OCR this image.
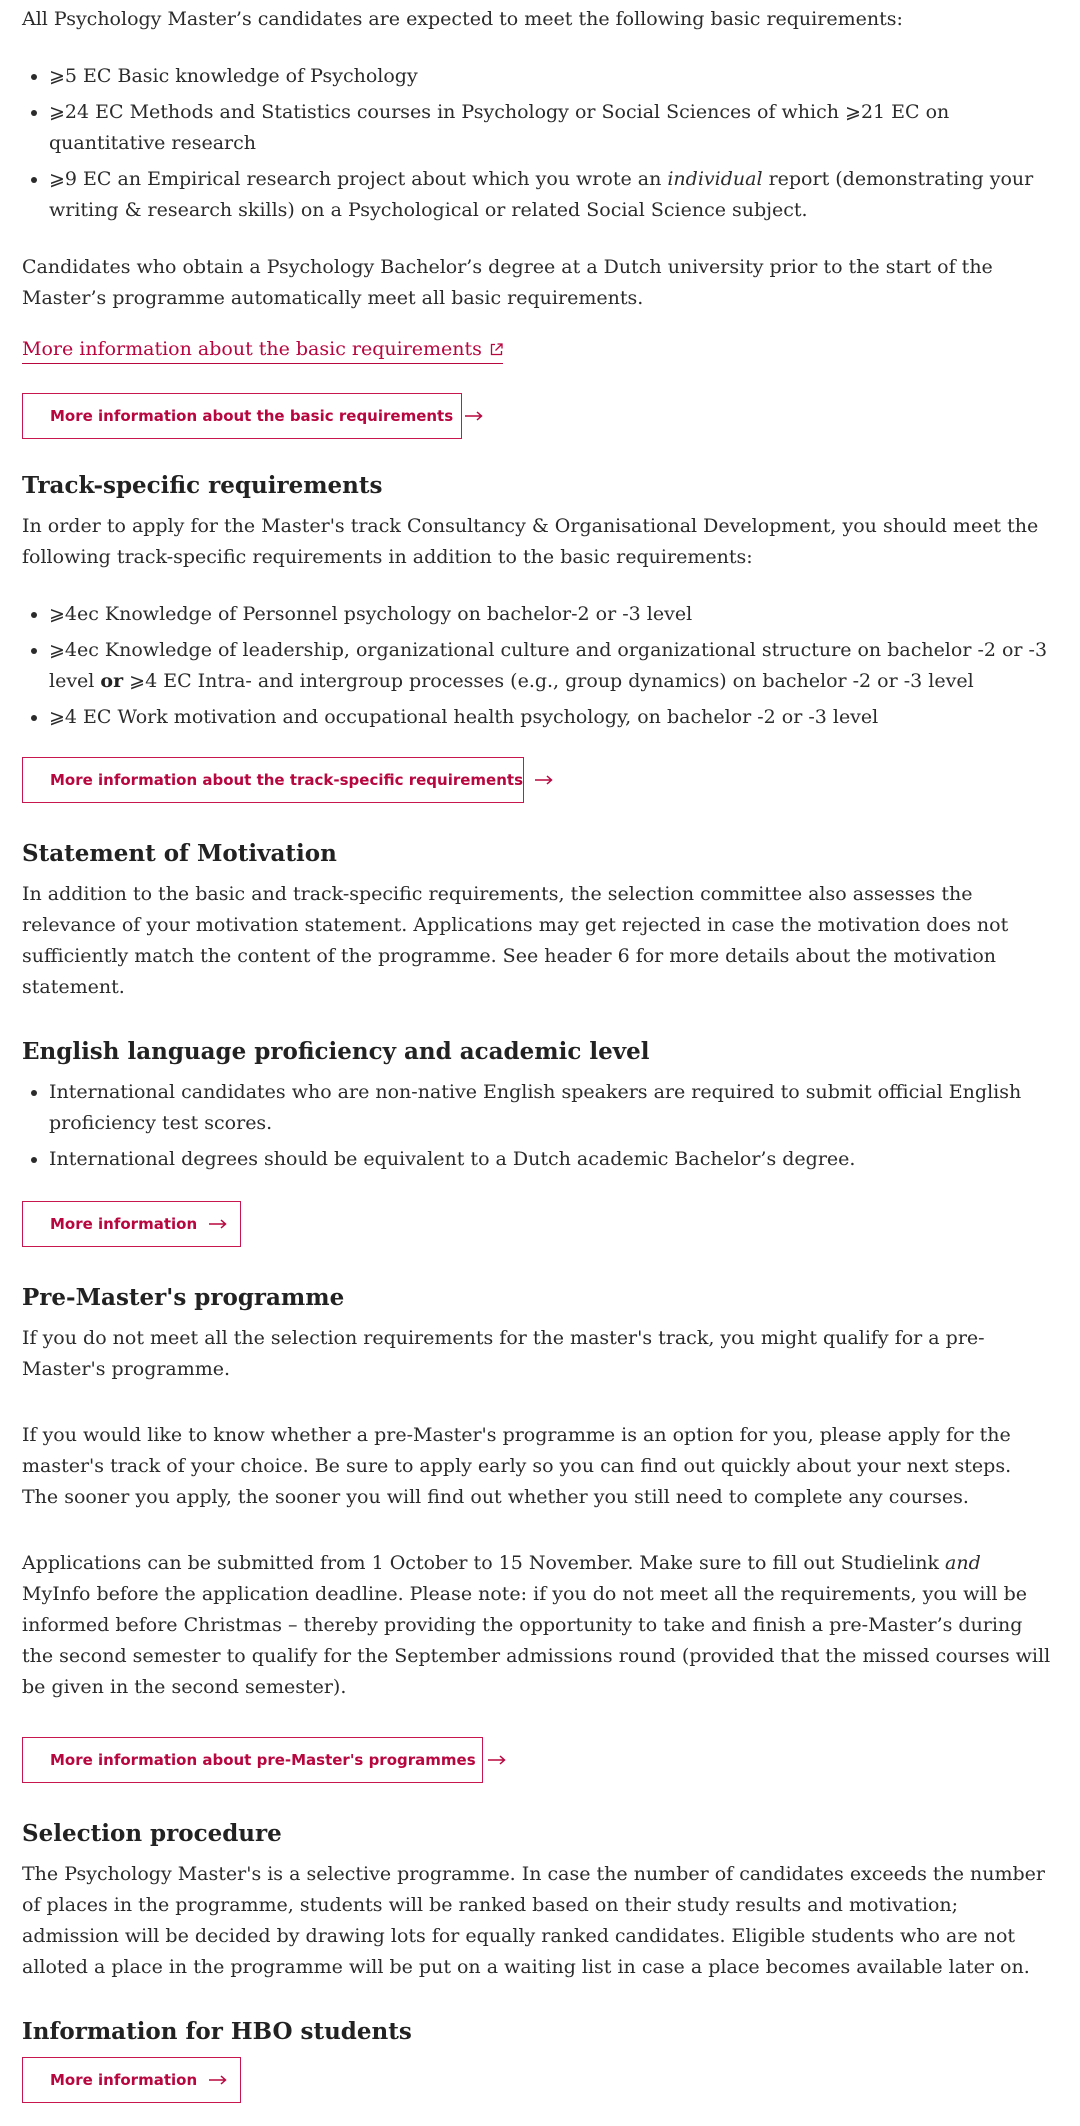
All Psychology Master’s candidates are expected to meet the following basic requirements:

• ⩾5 EC Basic knowledge of Psychology
• ⩾24 EC Methods and Statistics courses in Psychology or Social Sciences of which ⩾21 EC on quantitative research
• ⩾9 EC an Empirical research project about which you wrote an individual report (demonstrating your writing & research skills) on a Psychological or related Social Science subject.

Candidates who obtain a Psychology Bachelor’s degree at a Dutch university prior to the start of the Master’s programme automatically meet all basic requirements.

More information about the basic requirements
More information about the basic requirements
Track-specific requirements

In order to apply for the Master's track Consultancy & Organisational Development, you should meet the following track-specific requirements in addition to the basic requirements:

• ⩾4ec Knowledge of Personnel psychology on bachelor-2 or -3 level
• ⩾4ec Knowledge of leadership, organizational culture and organizational structure on bachelor -2 or -3 level or ⩾4 EC Intra- and intergroup processes (e.g., group dynamics) on bachelor -2 or -3 level
• ⩾4 EC Work motivation and occupational health psychology, on bachelor -2 or -3 level
More information about the track-specific requirements
Statement of Motivation

In addition to the basic and track-specific requirements, the selection committee also assesses the relevance of your motivation statement. Applications may get rejected in case the motivation does not sufficiently match the content of the programme. See header 6 for more details about the motivation statement.

English language proficiency and academic level
• International candidates who are non-native English speakers are required to submit official English proficiency test scores.
• International degrees should be equivalent to a Dutch academic Bachelor’s degree.
More information
Pre-Master's programme

If you do not meet all the selection requirements for the master's track, you might qualify for a pre-Master's programme.

If you would like to know whether a pre-Master's programme is an option for you, please apply for the master's track of your choice. Be sure to apply early so you can find out quickly about your next steps. The sooner you apply, the sooner you will find out whether you still need to complete any courses.

Applications can be submitted from 1 October to 15 November. Make sure to fill out Studielink and MyInfo before the application deadline. Please note: if you do not meet all the requirements, you will be informed before Christmas – thereby providing the opportunity to take and finish a pre-Master’s during the second semester to qualify for the September admissions round (provided that the missed courses will be given in the second semester).

More information about pre-Master's programmes
Selection procedure

The Psychology Master's is a selective programme. In case the number of candidates exceeds the number of places in the programme, students will be ranked based on their study results and motivation; admission will be decided by drawing lots for equally ranked candidates. Eligible students who are not alloted a place in the programme will be put on a waiting list in case a place becomes available later on.

Information for HBO students
More information
